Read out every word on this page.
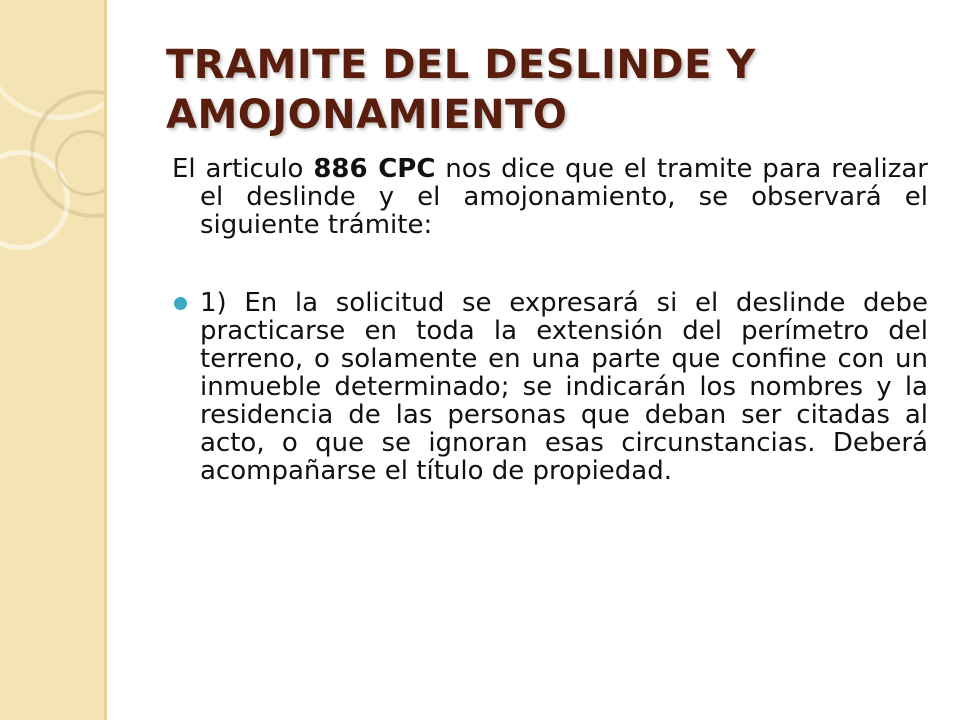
TRAMITE DEL DESLINDE Y
AMOJONAMIENTO

El articulo 886 CPC nos dice que el tramite para realizar el deslinde y el amojonamiento, se observará el siguiente trámite:

1) En la solicitud se expresará si el deslinde debe practicarse en toda la extensión del perímetro del terreno, o solamente en una parte que confine con un inmueble determinado; se indicarán los nombres y la residencia de las personas que deban ser citadas al acto, o que se ignoran esas circunstancias. Deberá acompañarse el título de propiedad.
